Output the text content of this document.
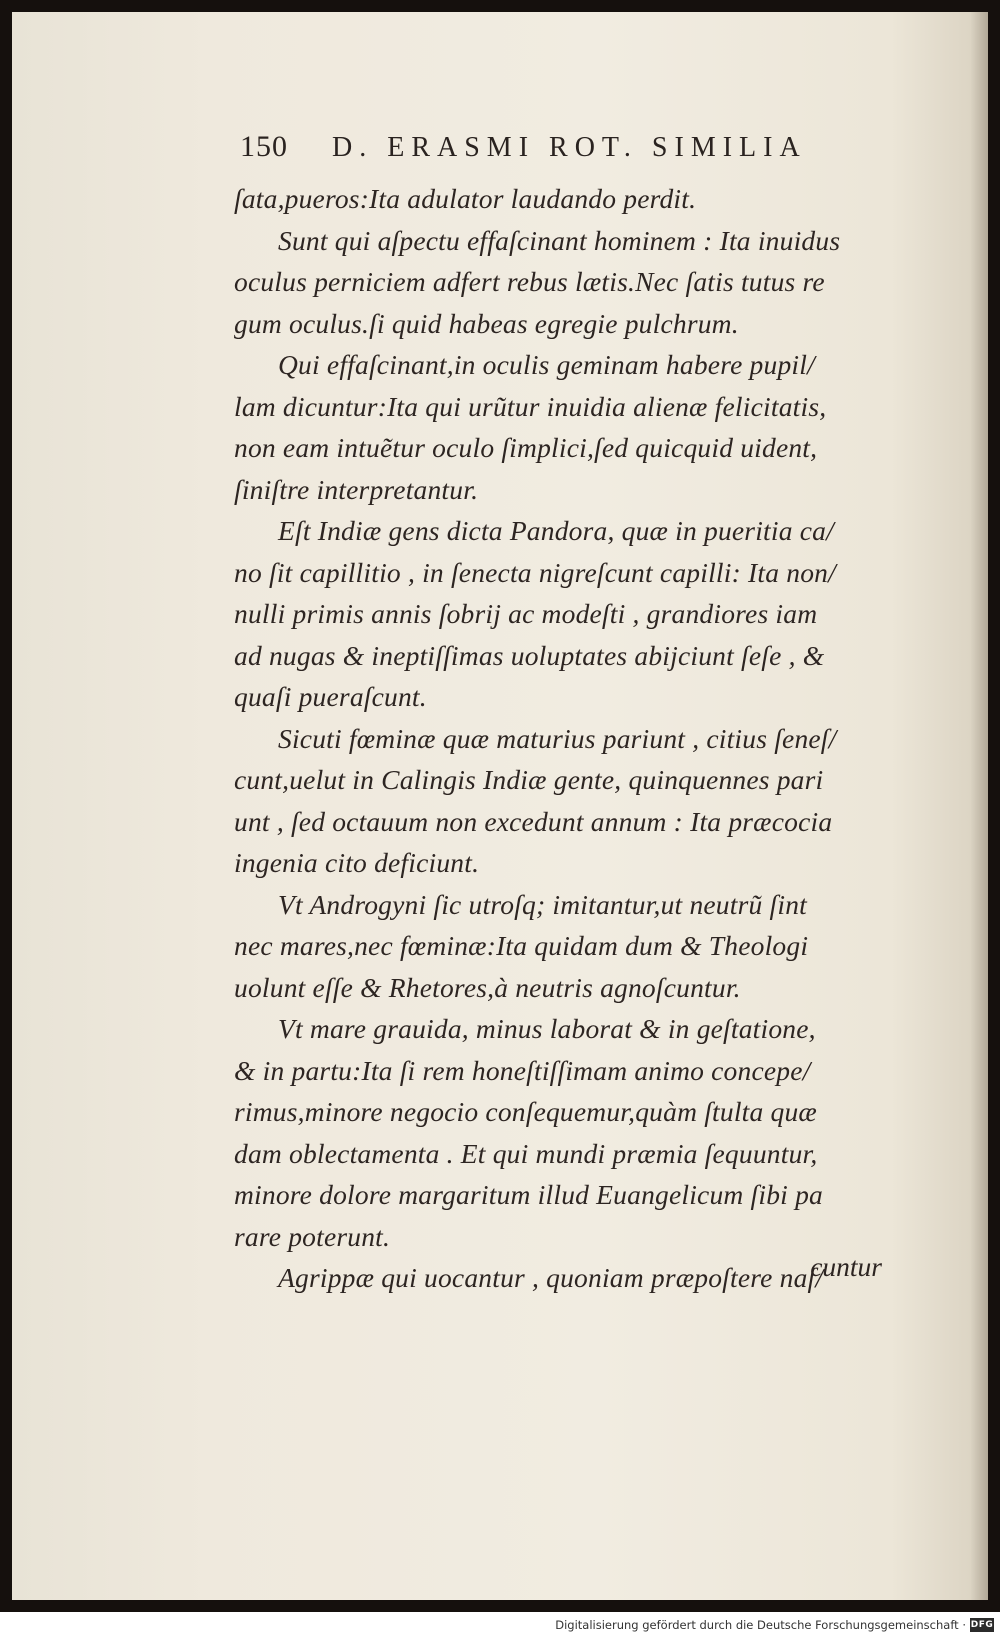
150 D. ERASMI ROT. SIMILIA
ſata,pueros:Ita adulator laudando perdit.
Sunt qui aſpectu effaſcinant hominem : Ita inuidus
oculus perniciem adfert rebus lætis.Nec ſatis tutus re
gum oculus.ſi quid habeas egregie pulchrum.
Qui effaſcinant,in oculis geminam habere pupil/
lam dicuntur:Ita qui urũtur inuidia alienæ felicitatis,
non eam intuẽtur oculo ſimplici,ſed quicquid uident,
ſiniſtre interpretantur.
Eſt Indiæ gens dicta Pandora, quæ in pueritia ca/
no ſit capillitio , in ſenecta nigreſcunt capilli: Ita non/
nulli primis annis ſobrij ac modeſti , grandiores iam
ad nugas & ineptiſſimas uoluptates abijciunt ſeſe , &
quaſi pueraſcunt.
Sicuti fœminæ quæ maturius pariunt , citius ſeneſ/
cunt,uelut in Calingis Indiæ gente, quinquennes pari
unt , ſed octauum non excedunt annum : Ita præcocia
ingenia cito deficiunt.
Vt Androgyni ſic utroſq; imitantur,ut neutrũ ſint
nec mares,nec fœminæ:Ita quidam dum & Theologi
uolunt eſſe & Rhetores,à neutris agnoſcuntur.
Vt mare grauida, minus laborat & in geſtatione,
& in partu:Ita ſi rem honeſtiſſimam animo concepe/
rimus,minore negocio conſequemur,quàm ſtulta quæ
dam oblectamenta . Et qui mundi præmia ſequuntur,
minore dolore margaritum illud Euangelicum ſibi pa
rare poterunt.
Agrippæ qui uocantur , quoniam præpoſtere naſ/
cuntur
Digitalisierung gefördert durch die Deutsche Forschungsgemeinschaft · DFG
